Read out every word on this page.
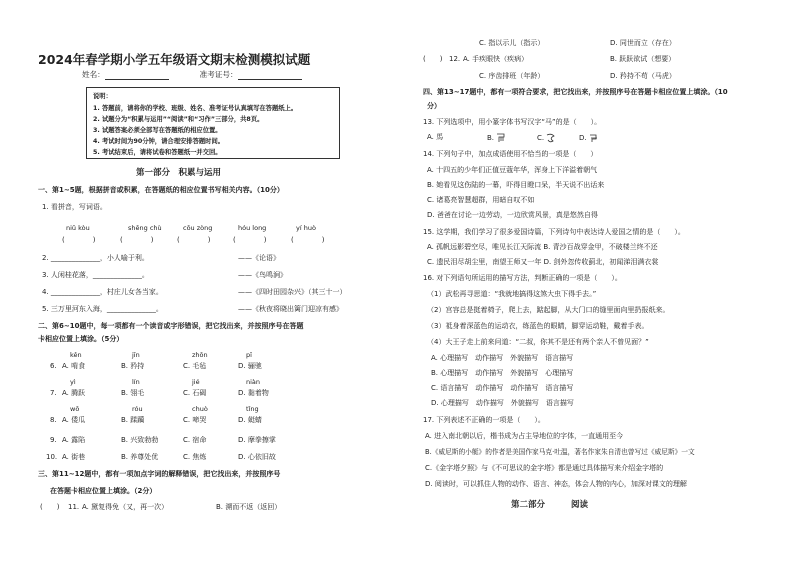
2024年春学期小学五年级语文期末检测模拟试题
姓名：	准考证号：
说明：
1. 答题前，请将你的学校、班级、姓名、准考证号认真填写在答题纸上。
2. 试题分为“积累与运用”“阅读”和“习作”三部分，共8页。
3. 试题答案必须全部写在答题纸的相应位置。
4. 考试时间为90分钟，请合理安排答题时间。
5. 考试结束后，请将试卷和答题纸一并交回。
第一部分　积累与运用
一、第1~5题，根据拼音或积累，在答题纸的相应位置书写相关内容。（10分）
1. 看拼音，写词语。
niǔ kòu	shēng chù	cōu zòng	hóu long	yí huò
(　　　　)	(　　　　)	(　　　　)	(　　　　)	(　　　　)
2. ______________，小人喻于利。	——《论语》
3. 人闲桂花落，______________。	——《鸟鸣涧》
4. ______________，村庄儿女各当家。	——《四时田园杂兴》（其三十一）
5. 三万里河东入海，______________。	——《秋夜将晓出篱门迎凉有感》
二、第6~10题中，每一项都有一个读音或字形错误，把它找出来，并按照序号在答题
卡相应位置上填涂。（5分）
kěn	jīn	zhōn	pī
6. A. 啃食	B. 矜持	C. 毛毡	D. 骊驰
yì	lín	jié	niàn
7. A. 腾跃	B. 翎毛	C. 石碣	D. 黏着物
wō	róu	chuò	tǐng
8. A. 倭瓜	B. 蹂躏	C. 啼哭	D. 蜓蜻
9. A. 露陷	B. 兴致勃勃	C. 宿命	D. 摩拳擦掌
10. A. 街巷	B. 养尊处优	C. 焦炼	D. 心依旧故
三、第11~12题中，都有一项加点字词的解释错误，把它找出来，并按照序号
在答题卡相应位置上填涂。（2分）
(　　) 11. A. 黛复得免（又，再一次）	B. 溯而不返（返回）
C. 指以示儿（指示）	D. 同世而立（存在）
(　　) 12. A. 手疾眼快（疾病）	B. 跃跃欲试（想要）
C. 序齿排班（年龄）	D. 矜持不苟（马虎）
四、第13~17题中，都有一项符合要求，把它找出来，并按照序号在答题卡相应位置上填涂。（10
分）
13. 下列选项中，用小篆字体书写汉字“马”的是（　　）。
A. 馬	B.	C.	D.
14. 下列句子中，加点成语使用不恰当的一项是（　　）
A. 十四五的少年们正值豆蔻年华，浑身上下洋溢着朝气
B. 她看见这伤陆的一幕，吓得目瞪口呆，半天说不出话来
C. 诸葛亮智慧超群，用暗自叹不如
D. 爸爸在讨论一边劳动，一边欣赏风景，真是悠然自得
15. 这学期，我们学习了很多爱国诗篇，下列诗句中表达诗人爱国之情的是（　　）。
A. 孤帆远影碧空尽，唯见长江天际流 B. 青沙百战穿金甲，不破楼兰终不还
C. 遗民泪尽胡尘里，南望王师又一年 D. 剑外忽传收蓟北，初闻涕泪满衣裳
16. 对下列语句所运用的描写方法，判断正确的一项是（　　）。
（1）武松再寻思道：“我就地搞得这煞大虫下得手去。”
（2）宫容总是挺着椅子，爬上去，踮起脚，从大门口的缝里面向里扔报纸来。
（3）祗身着深蓝色的运动衣，练蓝色的眼睛，脚穿运动鞋，戴着手表。
（4）大王子走上前来问道：“二叔，你其不是还有两个亲人不曾见面？”
A. 心理描写　动作描写　外貌描写　语言描写
B. 心理描写　动作描写　外貌描写　心理描写
C. 语言描写　动作描写　动作描写　语言描写
D. 心理描写　动作描写　外貌描写　语言描写
17. 下列表述不正确的一项是（　　）。
A. 进入南北朝以后，楷书成为占主导地位的字体，一直通用至今
B.《威尼斯的小艇》的作者是美国作家马克·吐温，著名作家朱自清也曾写过《威尼斯》一文
C.《金字塔夕照》与《不可思议的金字塔》都是通过具体描写来介绍金字塔的
D. 阅读时，可以抓住人物的动作、语言、神态，体会人物的内心，加深对课文的理解
第二部分	阅读
